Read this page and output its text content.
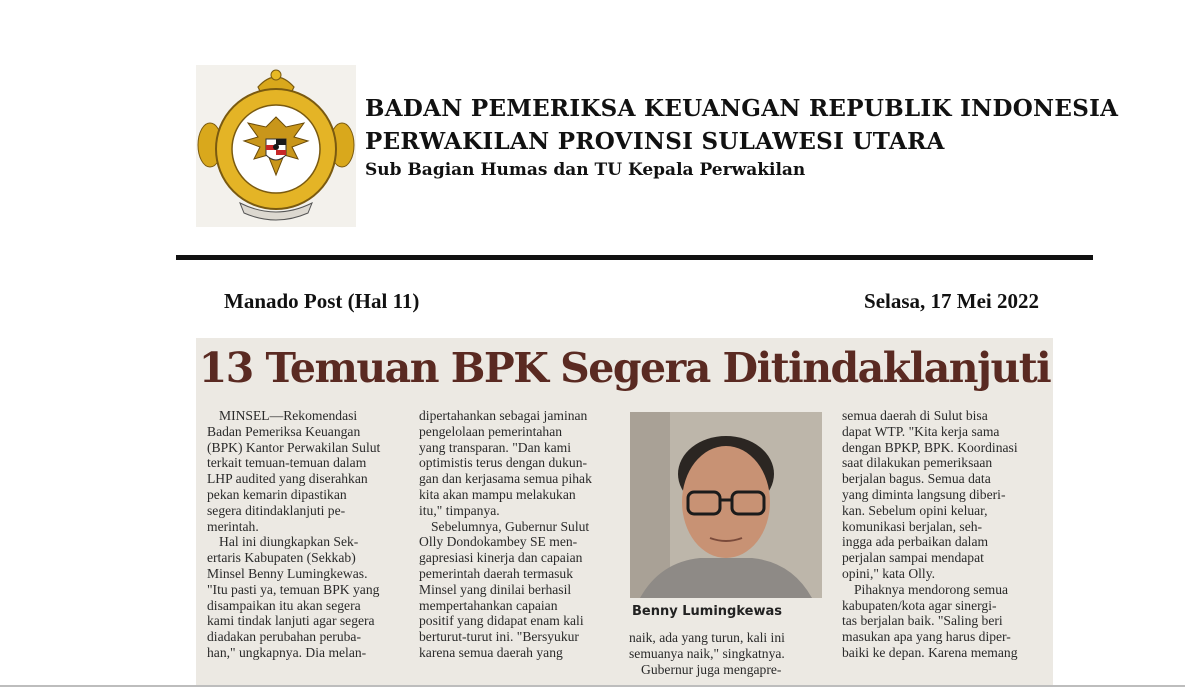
BADAN PEMERIKSA KEUANGAN REPUBLIK INDONESIA
PERWAKILAN PROVINSI SULAWESI UTARA
Sub Bagian Humas dan TU Kepala Perwakilan
Manado Post (Hal 11)	Selasa, 17 Mei 2022
13 Temuan BPK Segera Ditindaklanjuti

MINSEL—Rekomendasi

Badan Pemeriksa Keuangan

(BPK) Kantor Perwakilan Sulut

terkait temuan-temuan dalam

LHP audited yang diserahkan

pekan kemarin dipastikan

segera ditindaklanjuti pe-

merintah.

Hal ini diungkapkan Sek-

ertaris Kabupaten (Sekkab)

Minsel Benny Lumingkewas.

"Itu pasti ya, temuan BPK yang

disampaikan itu akan segera

kami tindak lanjuti agar segera

diadakan perubahan peruba-

han," ungkapnya. Dia melan-

dipertahankan sebagai jaminan

pengelolaan pemerintahan

yang transparan. "Dan kami

optimistis terus dengan dukun-

gan dan kerjasama semua pihak

kita akan mampu melakukan

itu," timpanya.

Sebelumnya, Gubernur Sulut

Olly Dondokambey SE men-

gapresiasi kinerja dan capaian

pemerintah daerah termasuk

Minsel yang dinilai berhasil

mempertahankan capaian

positif yang didapat enam kali

berturut-turut ini. "Bersyukur

karena semua daerah yang

Benny Lumingkewas

naik, ada yang turun, kali ini

semuanya naik," singkatnya.

Gubernur juga mengapre-

semua daerah di Sulut bisa

dapat WTP. "Kita kerja sama

dengan BPKP, BPK. Koordinasi

saat dilakukan pemeriksaan

berjalan bagus. Semua data

yang diminta langsung diberi-

kan. Sebelum opini keluar,

komunikasi berjalan, seh-

ingga ada perbaikan dalam

perjalan sampai mendapat

opini," kata Olly.

Pihaknya mendorong semua

kabupaten/kota agar sinergi-

tas berjalan baik. "Saling beri

masukan apa yang harus diper-

baiki ke depan. Karena memang
